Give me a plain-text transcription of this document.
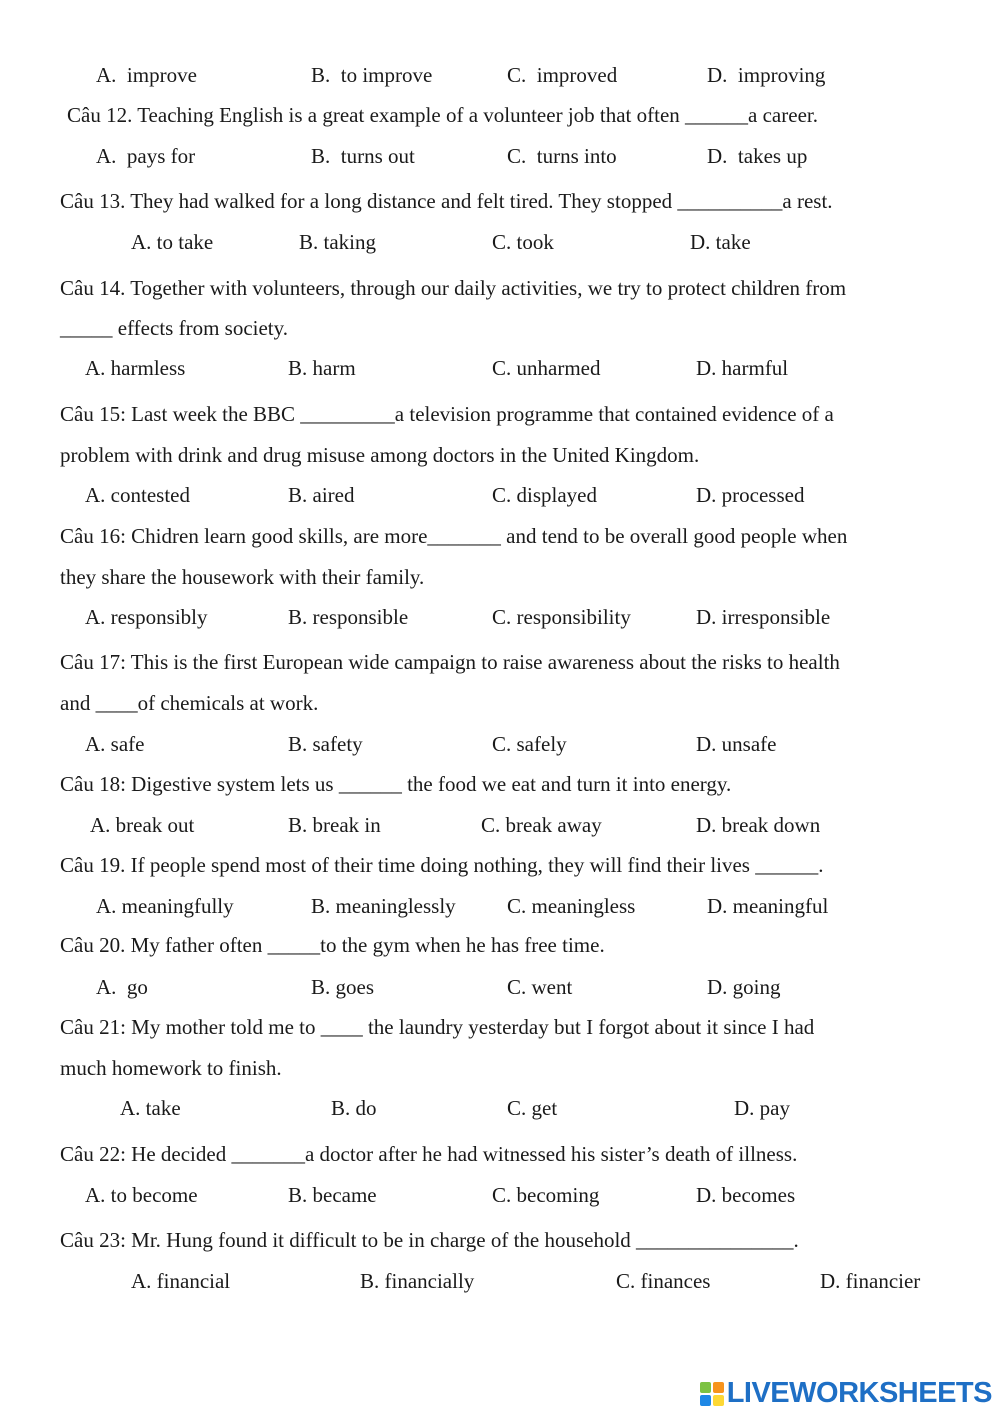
A.  improve	B.  to improve	C.  improved	D.  improving
Câu 12. Teaching English is a great example of a volunteer job that often ______a career.
A.  pays for	B.  turns out	C.  turns into	D.  takes up
Câu 13. They had walked for a long distance and felt tired. They stopped __________a rest.
A. to take	B. taking	C. took	D. take
Câu 14. Together with volunteers, through our daily activities, we try to protect children from
_____ effects from society.
A. harmless	B. harm	C. unharmed	D. harmful
Câu 15: Last week the BBC _________a television programme that contained evidence of a
problem with drink and drug misuse among doctors in the United Kingdom.
A. contested	B. aired	C. displayed	D. processed
Câu 16: Chidren learn good skills, are more_______ and tend to be overall good people when
they share the housework with their family.
A. responsibly	B. responsible	C. responsibility	D. irresponsible
Câu 17: This is the first European wide campaign to raise awareness about the risks to health
and ____of chemicals at work.
A. safe	B. safety	C. safely	D. unsafe
Câu 18: Digestive system lets us ______ the food we eat and turn it into energy.
A. break out	B. break in	C. break away	D. break down
Câu 19. If people spend most of their time doing nothing, they will find their lives ______.
A. meaningfully	B. meaninglessly C. meaningless	D. meaningful
Câu 20. My father often _____to the gym when he has free time.
A.  go	B. goes	C. went	D. going
Câu 21: My mother told me to ____ the laundry yesterday but I forgot about it since I had
much homework to finish.
A. take	B. do	C. get	D. pay
Câu 22: He decided _______a doctor after he had witnessed his sister’s death of illness.
A. to become	B. became	C. becoming	D. becomes
Câu 23: Mr. Hung found it difficult to be in charge of the household _______________.
A. financial	B. financially	C. finances	D. financier
LIVEWORKSHEETS
